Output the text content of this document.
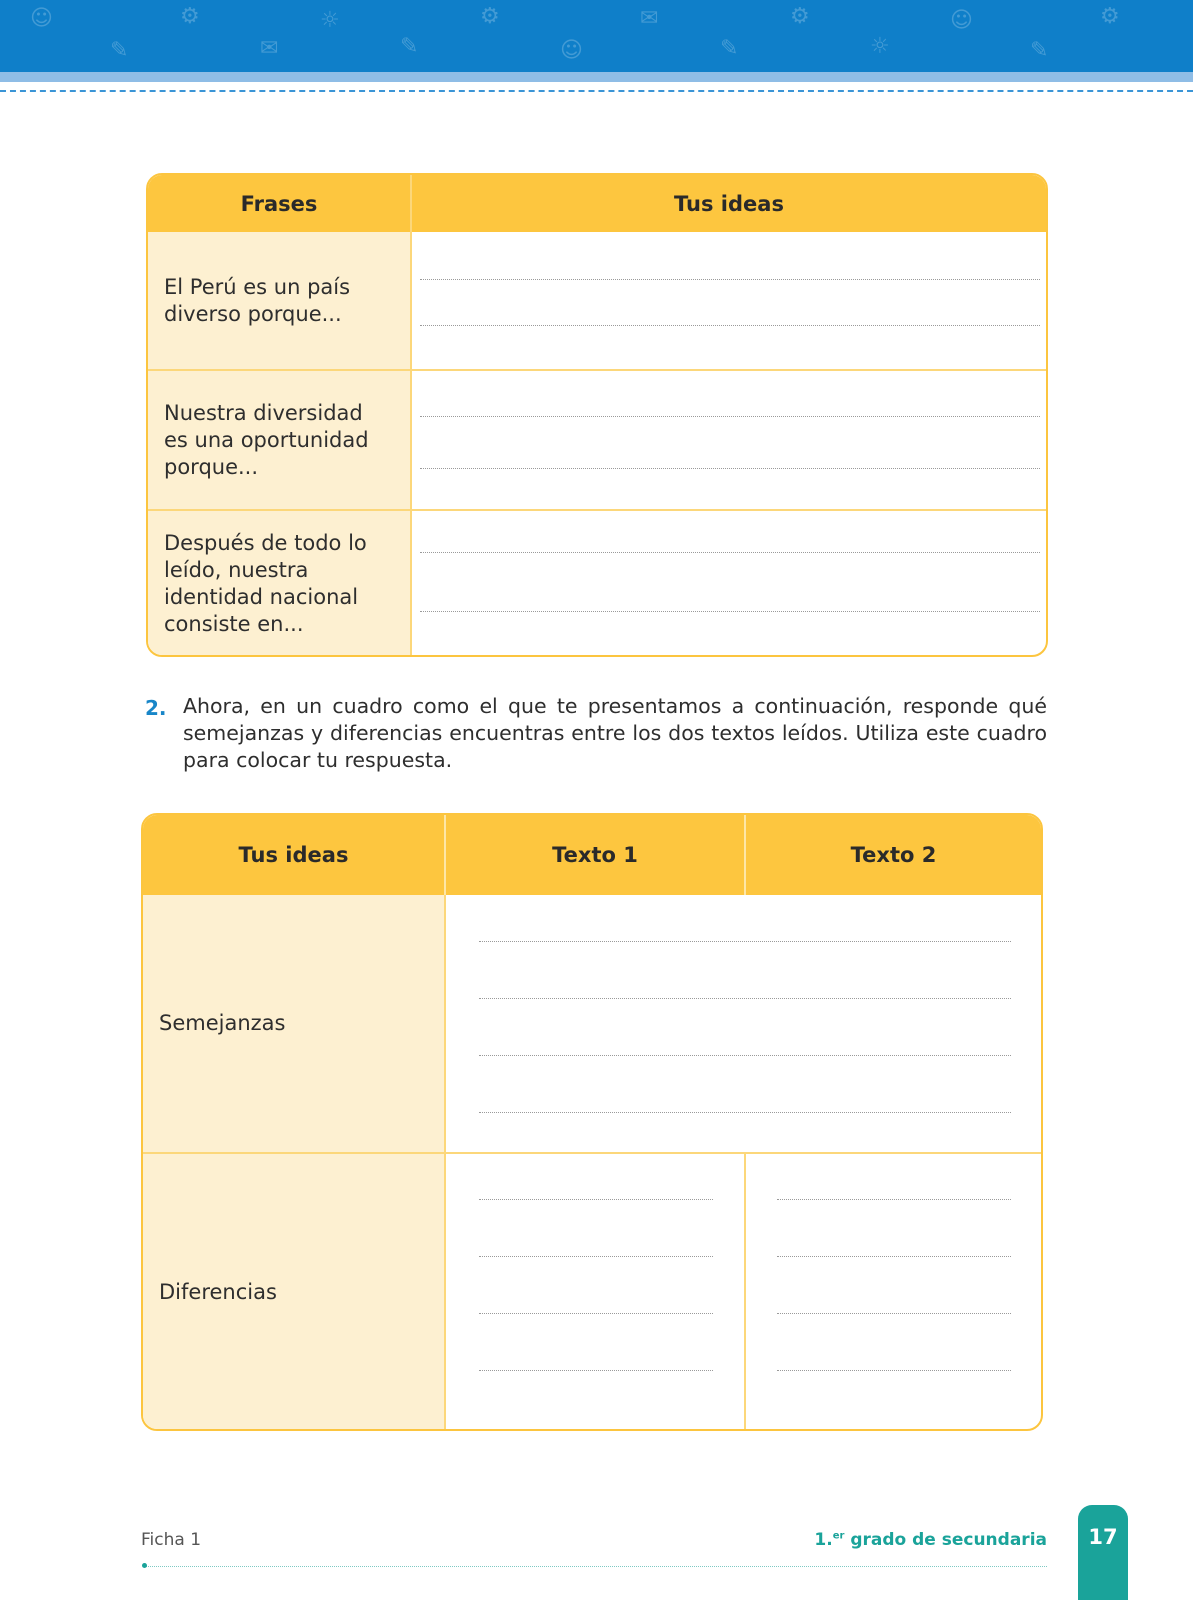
☺
✎
⚙
✉
☼
✎
⚙
☺
✉
✎
⚙
☼
☺
✎
⚙
Frases	Tus ideas
El Perú es un país diverso porque...
Nuestra diversidad es una oportunidad porque...
Después de todo lo leído, nuestra identidad nacional consiste en...
2. Ahora, en un cuadro como el que te presentamos a continuación, responde qué semejanzas y diferencias encuentras entre los dos textos leídos. Utiliza este cuadro para colocar tu respuesta.
Tus ideas	Texto 1	Texto 2
Semejanzas
Diferencias
Ficha 1	1.$^{er}$ grado de secundaria 17
